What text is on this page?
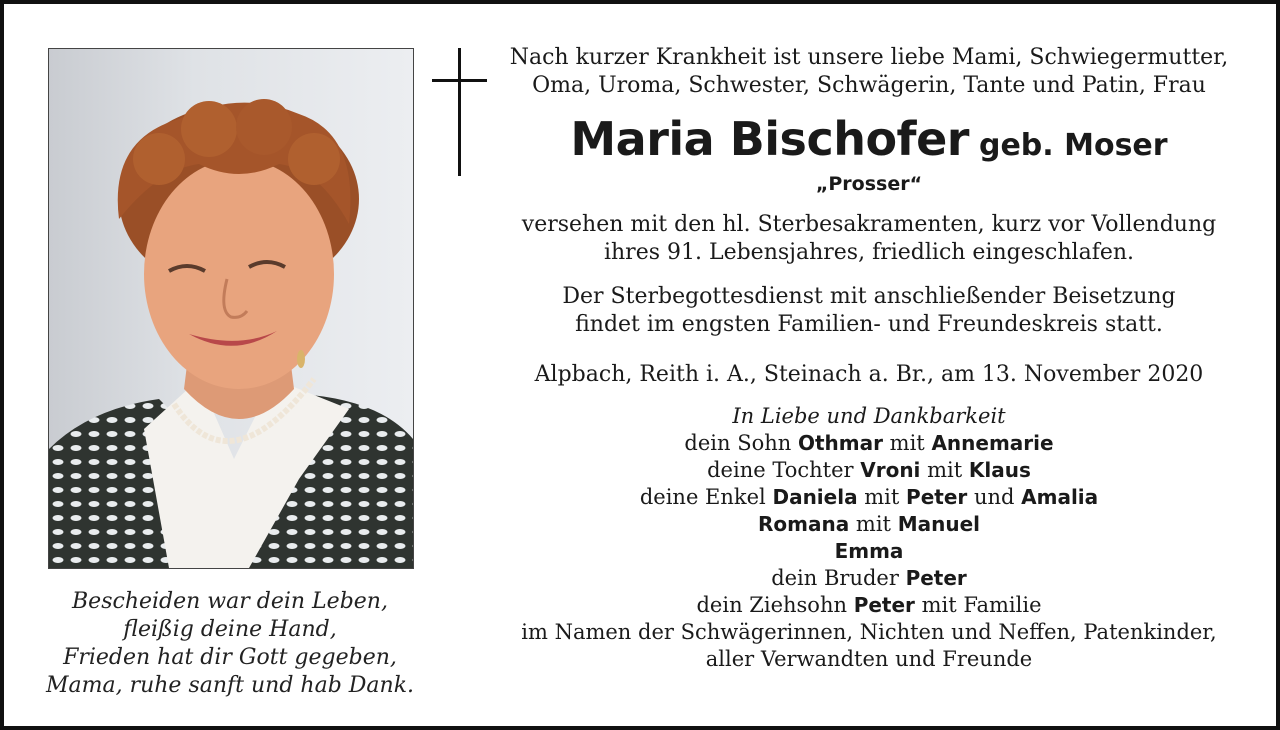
Bescheiden war dein Leben,
fleißig deine Hand,
Frieden hat dir Gott gegeben,
Mama, ruhe sanft und hab Dank.
Nach kurzer Krankheit ist unsere liebe Mami, Schwiegermutter,
Oma, Uroma, Schwester, Schwägerin, Tante und Patin, Frau
Maria Bischofer geb. Moser
„Prosser“
versehen mit den hl. Sterbesakramenten, kurz vor Vollendung
ihres 91. Lebensjahres, friedlich eingeschlafen.
Der Sterbegottesdienst mit anschließender Beisetzung
findet im engsten Familien- und Freundeskreis statt.
Alpbach, Reith i. A., Steinach a. Br., am 13. November 2020
In Liebe und Dankbarkeit
dein Sohn Othmar mit Annemarie
deine Tochter Vroni mit Klaus
deine Enkel Daniela mit Peter und Amalia
Romana mit Manuel
Emma
dein Bruder Peter
dein Ziehsohn Peter mit Familie
im Namen der Schwägerinnen, Nichten und Neffen, Patenkinder,
aller Verwandten und Freunde
